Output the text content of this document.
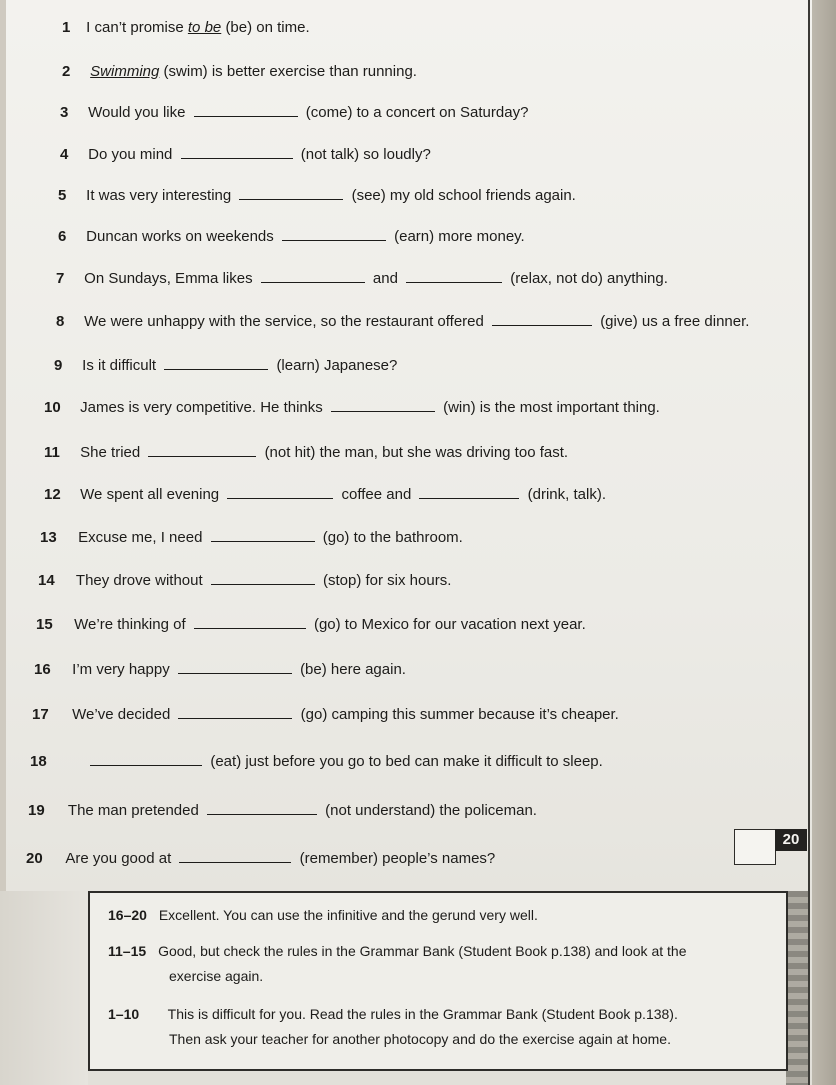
1 I can’t promise to be (be) on time.
2 Swimming (swim) is better exercise than running.
3 Would you like	(come) to a concert on Saturday?
4 Do you mind	(not talk) so loudly?
5 It was very interesting	(see) my old school friends again.
6 Duncan works on weekends	(earn) more money.
7 On Sundays, Emma likes	and	(relax, not do) anything.
8 We were unhappy with the service, so the restaurant offered	(give) us a free dinner.
9 Is it difficult	(learn) Japanese?
10 James is very competitive. He thinks	(win) is the most important thing.
11 She tried	(not hit) the man, but she was driving too fast.
12 We spent all evening	coffee and	(drink, talk).
13 Excuse me, I need	(go) to the bathroom.
14 They drove without	(stop) for six hours.
15 We’re thinking of	(go) to Mexico for our vacation next year.
16 I’m very happy	(be) here again.
17 We’ve decided	(go) camping this summer because it’s cheaper.
18	(eat) just before you go to bed can make it difficult to sleep.
19 The man pretended	(not understand) the policeman.
20 Are you good at	(remember) people’s names?
20
16–20 Excellent. You can use the infinitive and the gerund very well.
11–15 Good, but check the rules in the Grammar Bank (Student Book p.138) and look at the
exercise again.
1–10 This is difficult for you. Read the rules in the Grammar Bank (Student Book p.138).
Then ask your teacher for another photocopy and do the exercise again at home.
